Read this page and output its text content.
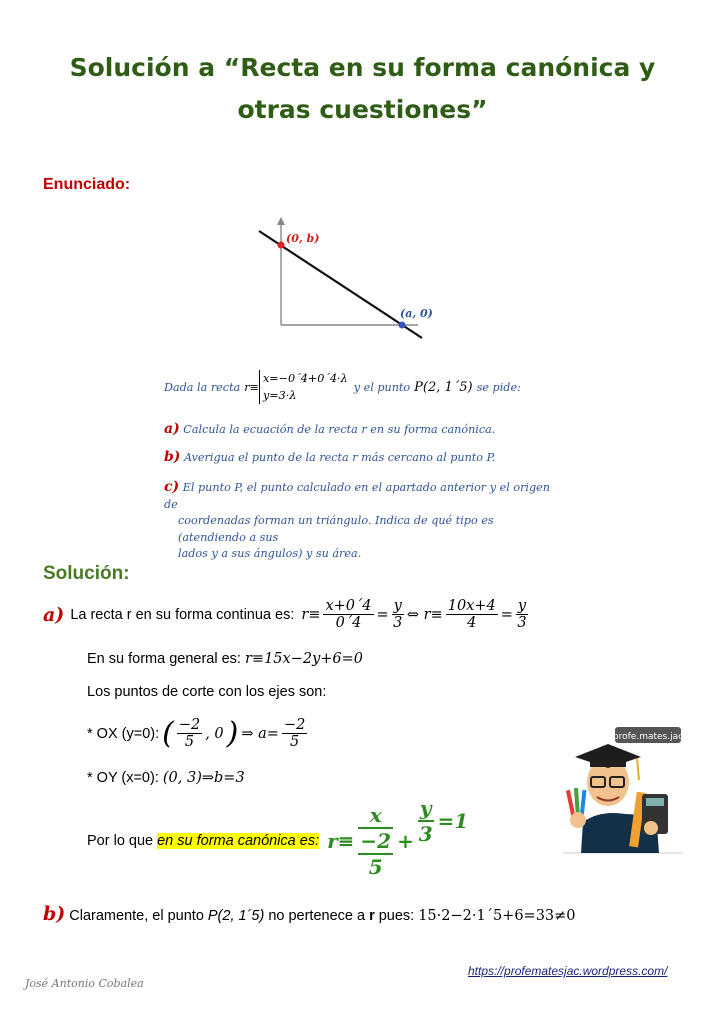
Solución a “Recta en su forma canónica y
otras cuestiones”
Enunciado:
(0, b)
(a, 0)
Dada la recta r≡
x=−0´4+0´4·λ
y=3·λ
y el punto P(2, 1´5) se pide:
a) Calcula la ecuación de la recta r en su forma canónica.
b) Averigua el punto de la recta r más cercano al punto P.
c) El punto P, el punto calculado en el apartado anterior y el origen de
coordenadas forman un triángulo. Indica de qué tipo es (atendiendo a sus
lados y a sus ángulos) y su área.
Solución:
a) La recta r en su forma continua es: $r\equiv \frac{x+0´4}{0´4} = \frac{y}{3}$ ⇔ $r\equiv \frac{10x+4}{4} = \frac{y}{3}$
En su forma general es: r≡15x−2y+6=0
Los puntos de corte con los ejes son:
* OX (y=0): ( $\frac{-2}{5}$ , 0 ) ⇒ $a= \frac{-2}{5}$
* OY (x=0): (0, 3)⇒b=3
Por lo que en su forma canónica es: r≡ x
−2
$5 + \frac{y}{3} =1$
b) Claramente, el punto P(2, 1´5) no pertenece a r pues: 15·2−2·1´5+6=33≠0
profe.mates.jac
José Antonio Cobalea
https://profematesjac.wordpress.com/
